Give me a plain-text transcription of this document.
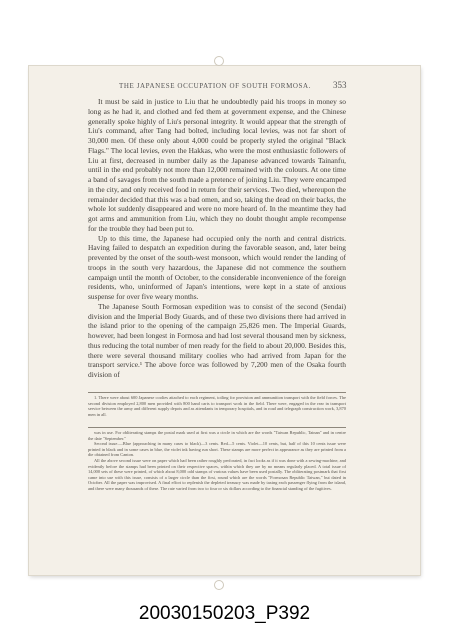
THE JAPANESE OCCUPATION OF SOUTH FORMOSA.	353

It must be said in justice to Liu that he undoubtedly paid his troops in money so long as he had it, and clothed and fed them at government expense, and the Chinese generally spoke highly of Liu's personal integrity. It would appear that the strength of Liu's command, after Tang had bolted, including local levies, was not far short of 30,000 men. Of these only about 4,000 could be properly styled the original "Black Flags." The local levies, even the Hakkas, who were the most enthusiastic followers of Liu at first, decreased in number daily as the Japanese advanced towards Tainanfu, until in the end probably not more than 12,000 remained with the colours. At one time a band of savages from the south made a pretence of joining Liu. They were encamped in the city, and only received food in return for their services. Two died, whereupon the remainder decided that this was a bad omen, and so, taking the dead on their backs, the whole lot suddenly disappeared and were no more heard of. In the meantime they had got arms and ammunition from Liu, which they no doubt thought ample recompense for the trouble they had been put to.

Up to this time, the Japanese had occupied only the north and central districts. Having failed to despatch an expedition during the favorable season, and, later being prevented by the onset of the south-west monsoon, which would render the landing of troops in the south very hazardous, the Japanese did not commence the southern campaign until the month of October, to the considerable inconvenience of the foreign residents, who, uninformed of Japan's intentions, were kept in a state of anxious suspense for over five weary months.

The Japanese South Formosan expedition was to consist of the second (Sendai) division and the Imperial Body Guards, and of these two divisions there had arrived in the island prior to the opening of the campaign 25,826 men. The Imperial Guards, however, had been longest in Formosa and had lost several thousand men by sickness, thus reducing the total number of men ready for the field to about 20,000. Besides this, there were several thousand military coolies who had arrived from Japan for the transport service.¹ The above force was followed by 7,200 men of the Osaka fourth division of

1. There were about 600 Japanese coolies attached to each regiment, toiling for provision and ammunition transport with the field forces. The second division employed 2,800 men provided with 800 hand carts to transport work in the field. There were, engaged in the rear in transport service between the army and different supply depots and as attendants in temporary hospitals, and in road and telegraph construction work, 3,870 men in all.

was in use. For obliterating stamps the postal mark used at first was a circle in which are the words "Taiwan Republic, Tainan" and in centre the date "September."

Second issue.—Blue (approaching in many cases to black)—3 cents. Red—5 cents. Violet—10 cents, but, half of this 10 cents issue were printed in black and in some cases in blue, the violet ink having run short. These stamps are more perfect in appearance as they are printed from a die obtained from Canton.

All the above second issue were on paper which had been rather roughly perforated, in fact looks as if it was done with a sewing-machine, and evidently before the stamps had been printed on their respective spaces, within which they are by no means regularly placed. A total issue of 14,000 sets of these were printed, of which about 8,000 odd stamps of various values have been used postally. The obliterating postmark that first came into use with this issue, consists of a larger circle than the first, round which are the words "Formosan Republic Taiwan," but dated in October. All the paper was improvised. A final effort to replenish the depleted treasury was made by taxing each passenger flying from the island, and there were many thousands of these. The rate varied from two to four or six dollars according to the financial standing of the fugitives.

20030150203_P392
